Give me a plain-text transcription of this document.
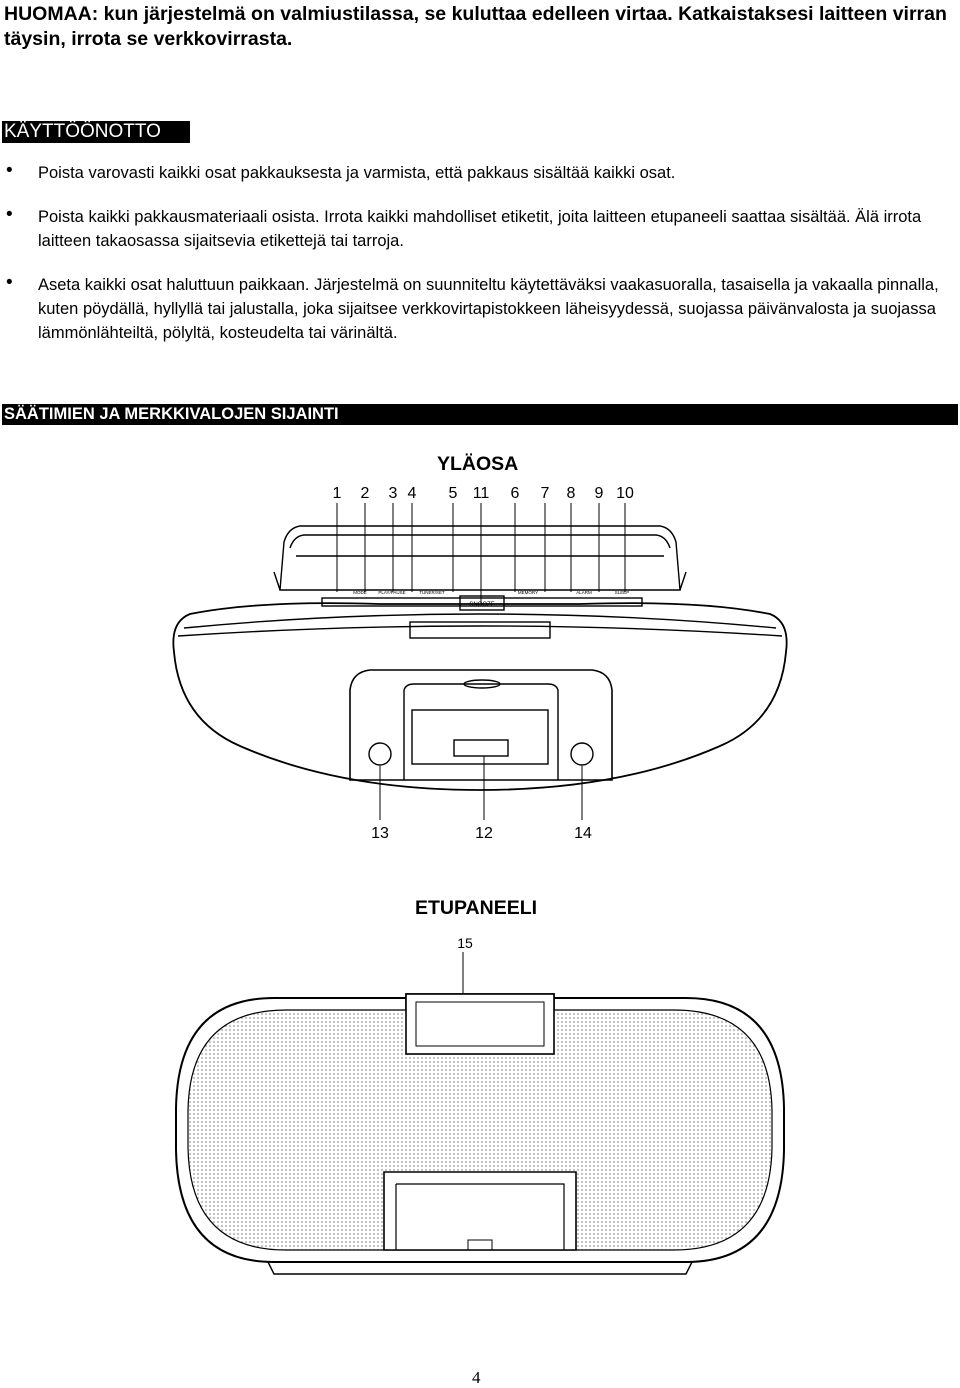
HUOMAA: kun järjestelmä on valmiustilassa, se kuluttaa edelleen virtaa. Katkaistaksesi laitteen virran täysin, irrota se verkkovirrasta.

KÄYTTÖÖNOTTO
• Poista varovasti kaikki osat pakkauksesta ja varmista, että pakkaus sisältää kaikki osat.

• Poista kaikki pakkausmateriaali osista. Irrota kaikki mahdolliset etiketit, joita laitteen etupaneeli saattaa sisältää. Älä irrota laitteen takaosassa sijaitsevia etikettejä tai tarroja.

• Aseta kaikki osat haluttuun paikkaan. Järjestelmä on suunniteltu käytettäväksi vaakasuoralla, tasaisella ja vakaalla pinnalla, kuten pöydällä, hyllyllä tai jalustalla, joka sijaitsee verkkovirtapistokkeen läheisyydessä, suojassa päivänvalosta ja suojassa lämmönlähteiltä, pölyltä, kosteudelta tai värinältä.

SÄÄTIMIEN JA MERKKIVALOJEN SIJAINTI
YLÄOSA
1 2 3 4 5 11 6 7 8 9 10
MODE	PLAY/PAUSE	TUNER/SET	MEMORY	ALARM	SLEEP
SNOOZE
13	12	14
ETUPANEELI
15
4
